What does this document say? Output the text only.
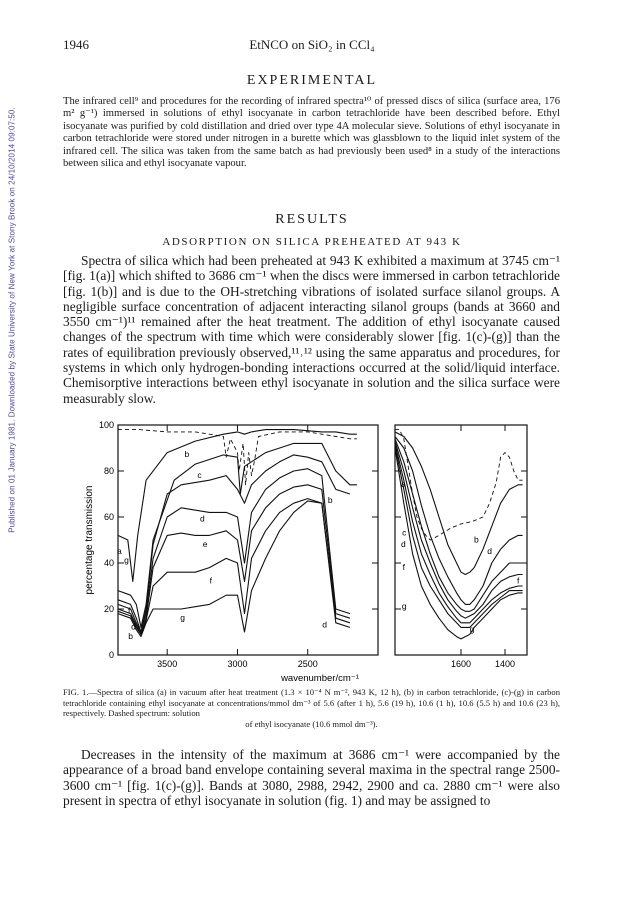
Published on 01 January 1981. Downloaded by State University of New York at Stony Brook on 24/10/2014 09:07:50.
1946	EtNCO on SiO₂ in CCl₄
EXPERIMENTAL
The infrared cell⁹ and procedures for the recording of infrared spectra¹⁰ of pressed discs of silica (surface area, 176 m² g⁻¹) immersed in solutions of ethyl isocyanate in carbon tetrachloride have been described before. Ethyl isocyanate was purified by cold distillation and dried over type 4A molecular sieve. Solutions of ethyl isocyanate in carbon tetrachloride were stored under nitrogen in a burette which was glassblown to the liquid inlet system of the infrared cell. The silica was taken from the same batch as had previously been used⁸ in a study of the interactions between silica and ethyl isocyanate vapour.
RESULTS
ADSORPTION ON SILICA PREHEATED AT 943 K
Spectra of silica which had been preheated at 943 K exhibited a maximum at 3745 cm⁻¹ [fig. 1(a)] which shifted to 3686 cm⁻¹ when the discs were immersed in carbon tetrachloride [fig. 1(b)] and is due to the OH-stretching vibrations of isolated surface silanol groups. A negligible surface concentration of adjacent interacting silanol groups (bands at 3660 and 3550 cm⁻¹)¹¹ remained after the heat treatment. The addition of ethyl isocyanate caused changes of the spectrum with time which were considerably slower [fig. 1(c)-(g)] than the rates of equilibration previously observed,¹¹˒¹² using the same apparatus and procedures, for systems in which only hydrogen-bonding interactions occurred at the solid/liquid interface. Chemisorptive interactions between ethyl isocyanate in solution and the silica surface were measurably slow.
0
20
40
60
80
100
3500	3000	2500	1600	1400
a
g
f
b
d
b
c
d
e
f
g
b
d
a
c
d
f
g
b
d
f
g
percentage transmission
wavenumber/cm⁻¹
FIG. 1.—Spectra of silica (a) in vacuum after heat treatment (1.3 × 10⁻⁴ N m⁻², 943 K, 12 h), (b) in carbon tetrachloride, (c)-(g) in carbon tetrachloride containing ethyl isocyanate at concentrations/mmol dm⁻³ of 5.6 (after 1 h), 5.6 (19 h), 10.6 (1 h), 10.6 (5.5 h) and 10.6 (23 h), respectively. Dashed spectrum: solution
of ethyl isocyanate (10.6 mmol dm⁻³).
Decreases in the intensity of the maximum at 3686 cm⁻¹ were accompanied by the appearance of a broad band envelope containing several maxima in the spectral range 2500-3600 cm⁻¹ [fig. 1(c)-(g)]. Bands at 3080, 2988, 2942, 2900 and ca. 2880 cm⁻¹ were also present in spectra of ethyl isocyanate in solution (fig. 1) and may be assigned to
